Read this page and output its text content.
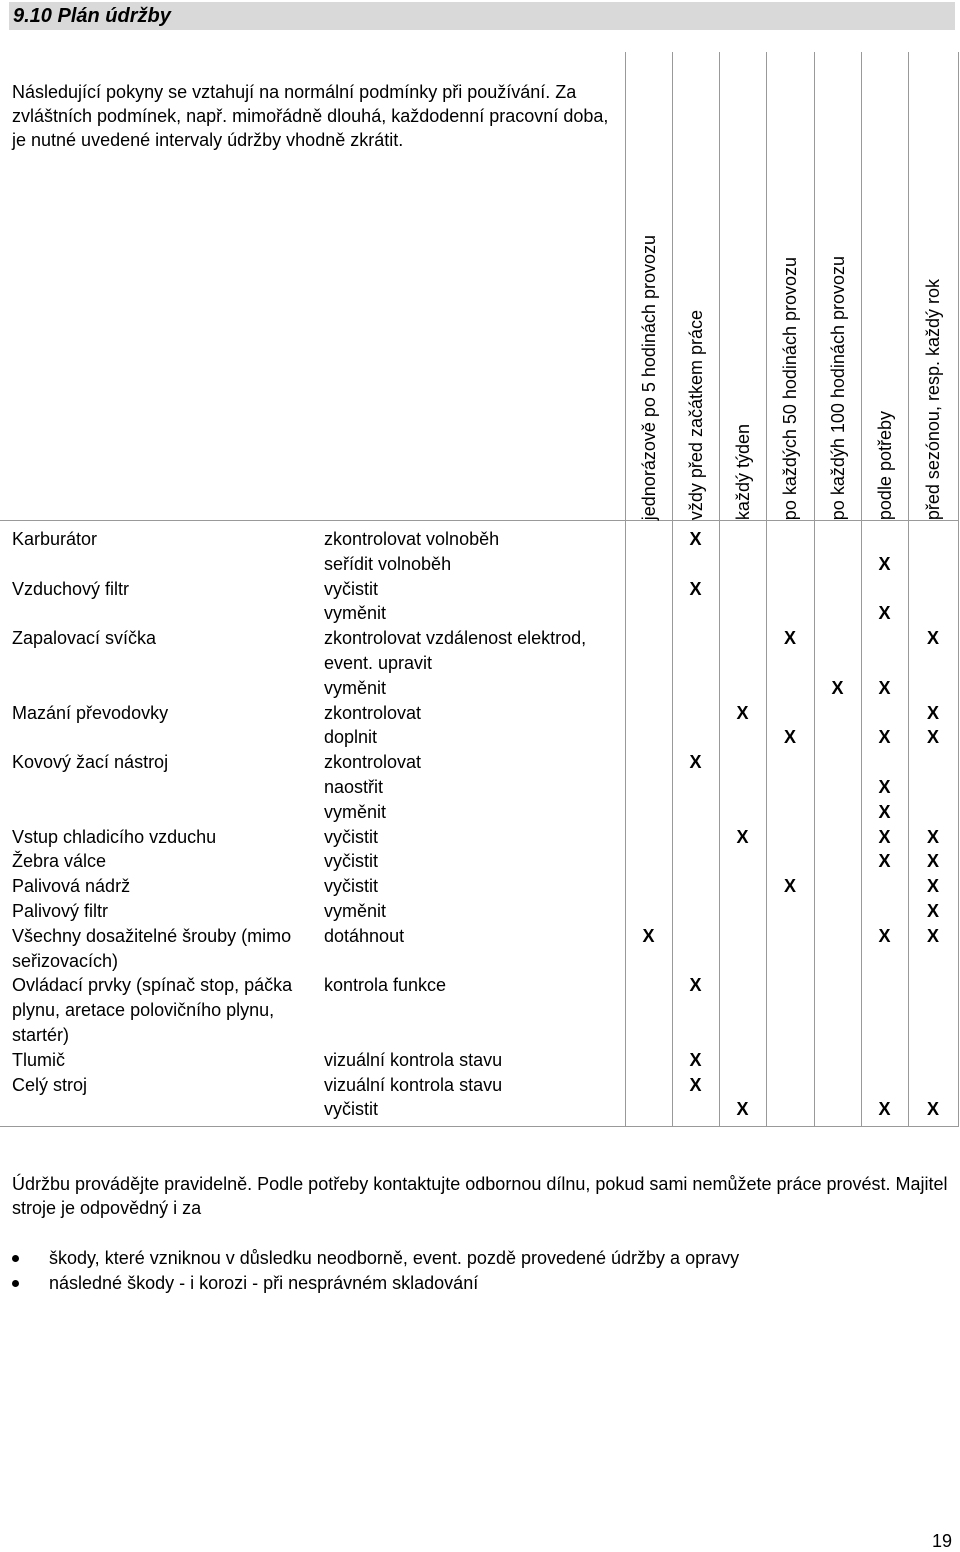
9.10 Plán údržby
Následující pokyny se vztahují na normální podmínky při používání. Za zvláštních podmínek, např. mimořádně dlouhá, každodenní pracovní doba, je nutné uvedené intervaly údržby vhodně zkrátit.		jednorázově po 5 hodinách provozu	vždy před začátkem práce	každý týden	po každých 50 hodinách provozu	po každýh 100 hodinách provozu	podle potřeby	před sezónou, resp. každý rok

Karburátor	zkontrolovat volnoběh		X					
	seřídit volnoběh						X	
Vzduchový filtr	vyčistit		X					
	vyměnit						X	
Zapalovací svíčka	zkontrolovat vzdálenost elektrod, event. upravit				X			X
	vyměnit					X	X	
Mazání převodovky	zkontrolovat			X				X
	doplnit				X		X	X
Kovový žací nástroj	zkontrolovat		X					
	naostřit						X	
	vyměnit						X	
Vstup chladicího vzduchu	vyčistit			X			X	X
Žebra válce	vyčistit						X	X
Palivová nádrž	vyčistit				X			X
Palivový filtr	vyměnit							X
Všechny dosažitelné šrouby (mimo seřizovacích)	dotáhnout	X					X	X
Ovládací prvky (spínač stop, páčka plynu, aretace polovičního plynu, startér)	kontrola funkce		X					
Tlumič	vizuální kontrola stavu		X					
Celý stroj	vizuální kontrola stavu		X					
	vyčistit			X			X	X
Údržbu provádějte pravidelně. Podle potřeby kontaktujte odbornou dílnu, pokud sami nemůžete práce provést. Majitel stroje je odpovědný i za
škody, které vzniknou v důsledku neodborně, event. pozdě provedené údržby a opravy
následné škody - i korozi - při nesprávném skladování
19
